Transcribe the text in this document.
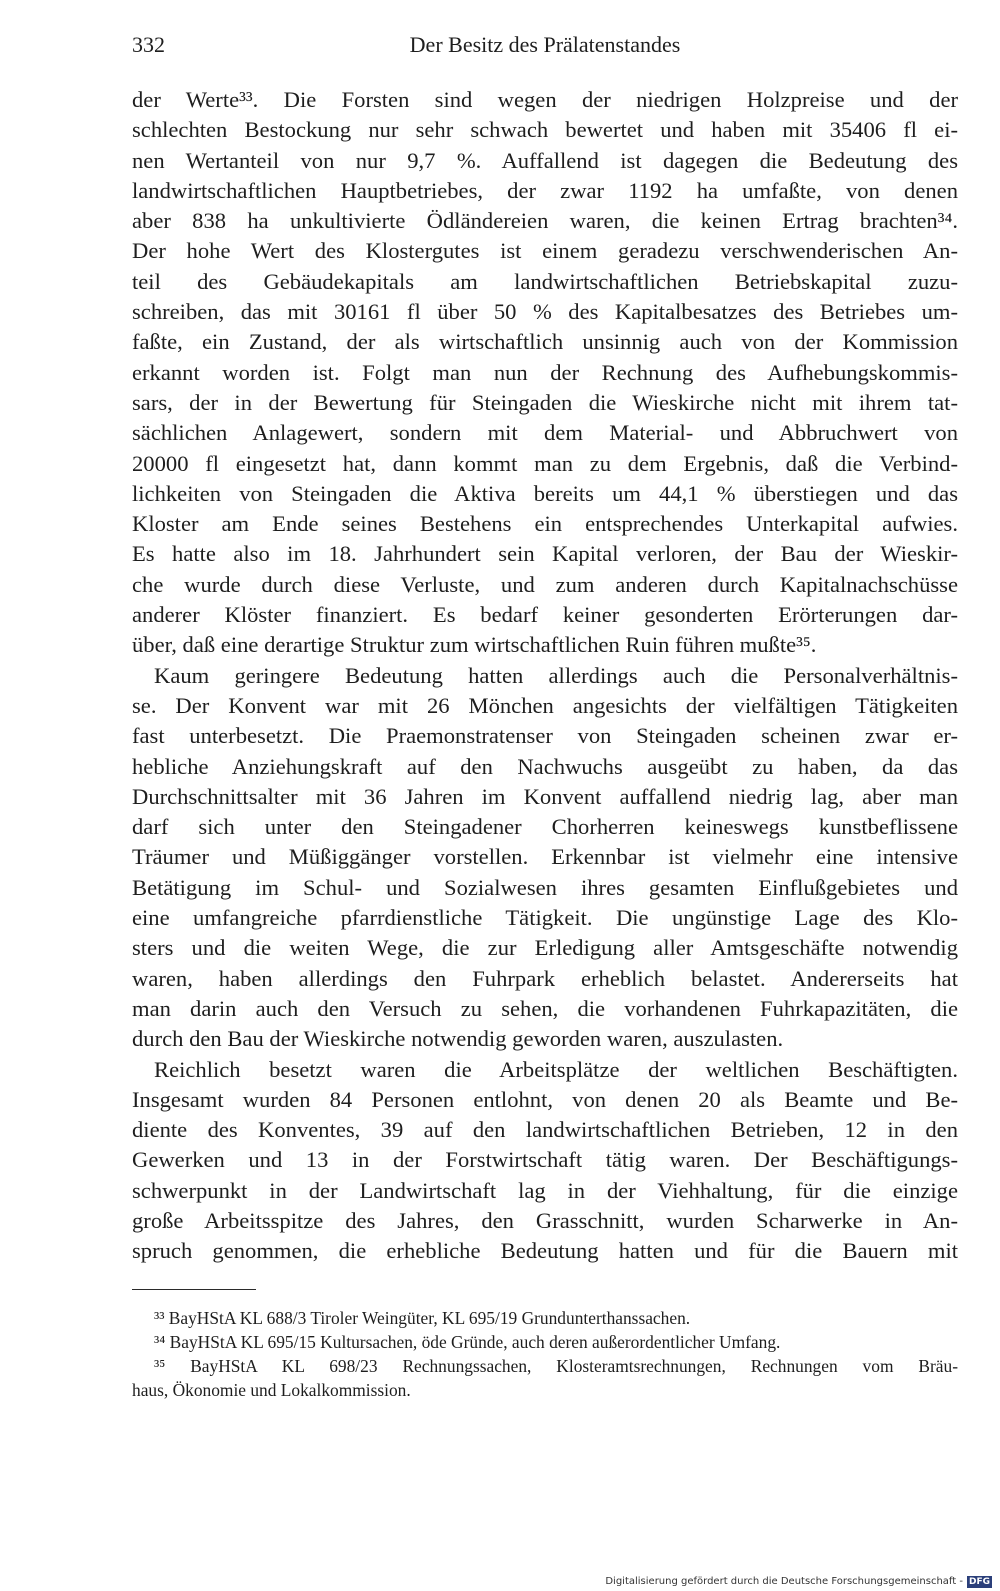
332	Der Besitz des Prälatenstandes
der Werte³³. Die Forsten sind wegen der niedrigen Holzpreise und der
schlechten Bestockung nur sehr schwach bewertet und haben mit 35406 fl ei-
nen Wertanteil von nur 9,7 %. Auffallend ist dagegen die Bedeutung des
landwirtschaftlichen Hauptbetriebes, der zwar 1192 ha umfaßte, von denen
aber 838 ha unkultivierte Ödländereien waren, die keinen Ertrag brachten³⁴.
Der hohe Wert des Klostergutes ist einem geradezu verschwenderischen An-
teil des Gebäudekapitals am landwirtschaftlichen Betriebskapital zuzu-
schreiben, das mit 30161 fl über 50 % des Kapitalbesatzes des Betriebes um-
faßte, ein Zustand, der als wirtschaftlich unsinnig auch von der Kommission
erkannt worden ist. Folgt man nun der Rechnung des Aufhebungskommis-
sars, der in der Bewertung für Steingaden die Wieskirche nicht mit ihrem tat-
sächlichen Anlagewert, sondern mit dem Material- und Abbruchwert von
20000 fl eingesetzt hat, dann kommt man zu dem Ergebnis, daß die Verbind-
lichkeiten von Steingaden die Aktiva bereits um 44,1 % überstiegen und das
Kloster am Ende seines Bestehens ein entsprechendes Unterkapital aufwies.
Es hatte also im 18. Jahrhundert sein Kapital verloren, der Bau der Wieskir-
che wurde durch diese Verluste, und zum anderen durch Kapitalnachschüsse
anderer Klöster finanziert. Es bedarf keiner gesonderten Erörterungen dar-
über, daß eine derartige Struktur zum wirtschaftlichen Ruin führen mußte³⁵.
Kaum geringere Bedeutung hatten allerdings auch die Personalverhältnis-
se. Der Konvent war mit 26 Mönchen angesichts der vielfältigen Tätigkeiten
fast unterbesetzt. Die Praemonstratenser von Steingaden scheinen zwar er-
hebliche Anziehungskraft auf den Nachwuchs ausgeübt zu haben, da das
Durchschnittsalter mit 36 Jahren im Konvent auffallend niedrig lag, aber man
darf sich unter den Steingadener Chorherren keineswegs kunstbeflissene
Träumer und Müßiggänger vorstellen. Erkennbar ist vielmehr eine intensive
Betätigung im Schul- und Sozialwesen ihres gesamten Einflußgebietes und
eine umfangreiche pfarrdienstliche Tätigkeit. Die ungünstige Lage des Klo-
sters und die weiten Wege, die zur Erledigung aller Amtsgeschäfte notwendig
waren, haben allerdings den Fuhrpark erheblich belastet. Andererseits hat
man darin auch den Versuch zu sehen, die vorhandenen Fuhrkapazitäten, die
durch den Bau der Wieskirche notwendig geworden waren, auszulasten.
Reichlich besetzt waren die Arbeitsplätze der weltlichen Beschäftigten.
Insgesamt wurden 84 Personen entlohnt, von denen 20 als Beamte und Be-
diente des Konventes, 39 auf den landwirtschaftlichen Betrieben, 12 in den
Gewerken und 13 in der Forstwirtschaft tätig waren. Der Beschäftigungs-
schwerpunkt in der Landwirtschaft lag in der Viehhaltung, für die einzige
große Arbeitsspitze des Jahres, den Grasschnitt, wurden Scharwerke in An-
spruch genommen, die erhebliche Bedeutung hatten und für die Bauern mit
³³ BayHStA KL 688/3 Tiroler Weingüter, KL 695/19 Grundunterthanssachen.
³⁴ BayHStA KL 695/15 Kultursachen, öde Gründe, auch deren außerordentlicher Umfang.
³⁵ BayHStA KL 698/23 Rechnungssachen, Klosteramtsrechnungen, Rechnungen vom Bräu-
haus, Ökonomie und Lokalkommission.
Digitalisierung gefördert durch die Deutsche Forschungsgemeinschaft - DFG
